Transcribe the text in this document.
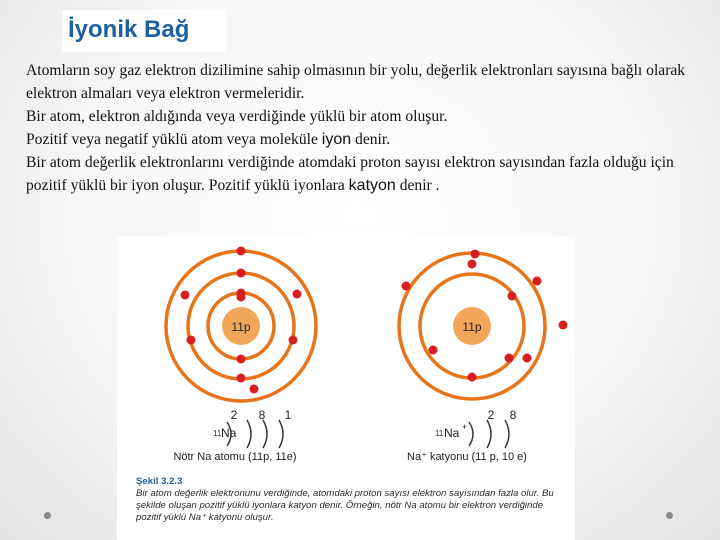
İyonik Bağ

Atomların soy gaz elektron dizilimine sahip olmasının bir yolu, değerlik elektronları sayısına bağlı olarak elektron almaları veya elektron vermeleridir.

Bir atom, elektron aldığında veya verdiğinde yüklü bir atom oluşur.

Pozitif veya negatif yüklü atom veya moleküle iyon denir.

Bir atom değerlik elektronlarını verdiğinde atomdaki proton sayısı elektron sayısından fazla olduğu için pozitif yüklü bir iyon oluşur. Pozitif yüklü iyonlara katyon denir .

11p
11 Na
2 8 1
Nötr Na atomu (11p, 11e)
11p
11 Na +
2 8
Na⁺ katyonu (11 p, 10 e)
Şekil 3.2.3
Bir atom değerlik elektronunu verdiğinde, atomdaki proton sayısı elektron sayısından fazla olur. Bu şekilde oluşan pozitif yüklü iyonlara katyon denir. Örneğin, nötr Na atomu bir elektron verdiğinde pozitif yüklü Na⁺ katyonu oluşur.
